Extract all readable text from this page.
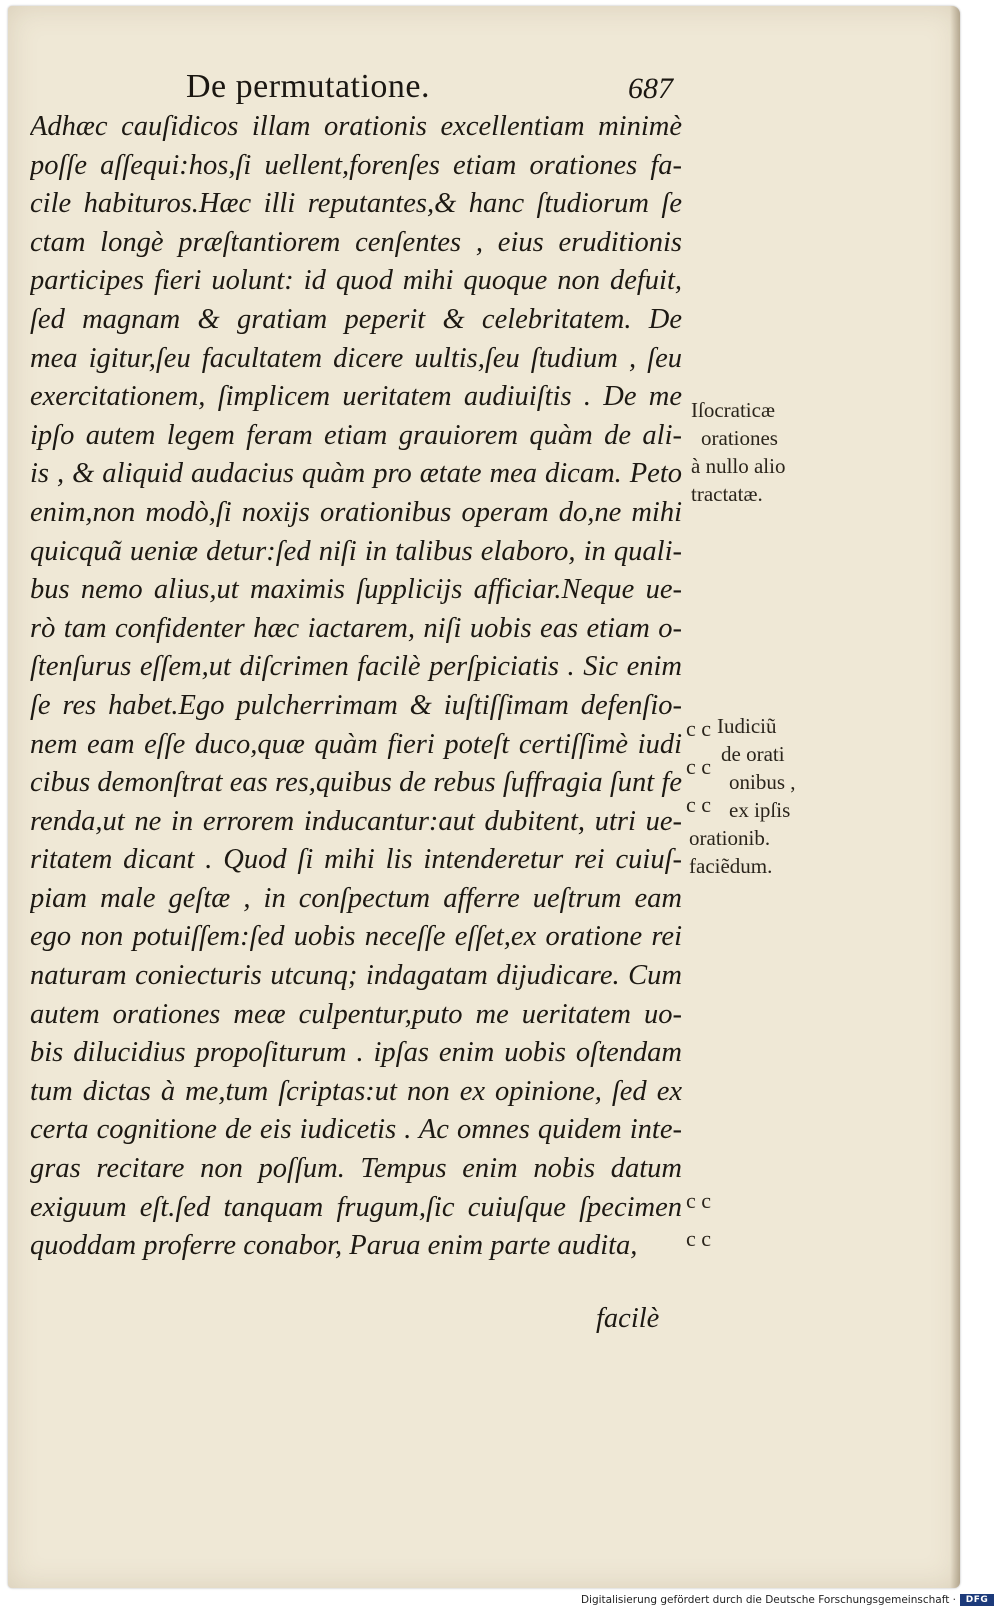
De permutatione.	687
Adhæc cauſidicos illam orationis excellentiam minimè
poſſe aſſequi:hos,ſi uellent,forenſes etiam orationes fa-
cile habituros.Hæc illi reputantes,& hanc ſtudiorum ſe
ctam longè præſtantiorem cenſentes , eius eruditionis
participes fieri uolunt: id quod mihi quoque non defuit,
ſed magnam & gratiam peperit & celebritatem. De
mea igitur,ſeu facultatem dicere uultis,ſeu ſtudium , ſeu
exercitationem, ſimplicem ueritatem audiuiſtis . De me
ipſo autem legem feram etiam grauiorem quàm de ali-
is , & aliquid audacius quàm pro ætate mea dicam. Peto
enim,non modò,ſi noxijs orationibus operam do,ne mihi
quicquã ueniæ detur:ſed niſi in talibus elaboro, in quali-
bus nemo alius,ut maximis ſupplicijs afficiar.Neque ue-
rò tam confidenter hæc iactarem, niſi uobis eas etiam o-
ſtenſurus eſſem,ut diſcrimen facilè perſpiciatis . Sic enim
ſe res habet.Ego pulcherrimam & iuſtiſſimam defenſio-
nem eam eſſe duco,quæ quàm fieri poteſt certiſſimè iudi
cibus demonſtrat eas res,quibus de rebus ſuffragia ſunt fe
renda,ut ne in errorem inducantur:aut dubitent, utri ue-
ritatem dicant . Quod ſi mihi lis intenderetur rei cuiuſ-
piam male geſtæ , in conſpectum afferre ueſtrum eam
ego non potuiſſem:ſed uobis neceſſe eſſet,ex oratione rei
naturam coniecturis utcunq; indagatam dijudicare. Cum
autem orationes meæ culpentur,puto me ueritatem uo-
bis dilucidius propoſiturum . ipſas enim uobis oſtendam
tum dictas à me,tum ſcriptas:ut non ex opinione, ſed ex
certa cognitione de eis iudicetis . Ac omnes quidem inte-
gras recitare non poſſum. Tempus enim nobis datum
exiguum eſt.ſed tanquam frugum,ſic cuiuſque ſpecimen
quoddam proferre conabor, Parua enim parte audita,
facilè
Iſocraticæ
orationes
à nullo alio
tractatæ.
Iudiciũ
de orati
onibus ,
ex ipſis
orationib.
faciẽdum.
c c
c c
c c
c c
c c
Digitalisierung gefördert durch die Deutsche Forschungsgemeinschaft ·	DFG
